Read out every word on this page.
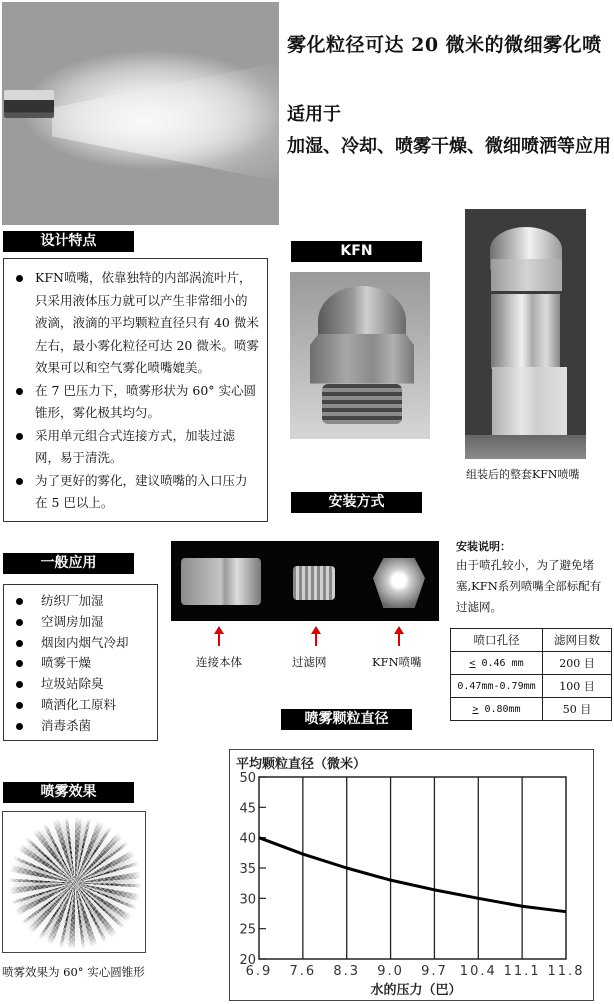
雾化粒径可达 20 微米的微细雾化喷
适用于
加湿、冷却、喷雾干燥、微细喷洒等应用
设计特点
KFN喷嘴，依靠独特的内部涡流叶片，只采用液体压力就可以产生非常细小的液滴，液滴的平均颗粒直径只有 40 微米左右，最小雾化粒径可达 20 微米。喷雾效果可以和空气雾化喷嘴媲美。
在 7 巴压力下，喷雾形状为 60° 实心圆锥形，雾化极其均匀。
采用单元组合式连接方式，加装过滤网，易于清洗。
为了更好的雾化，建议喷嘴的入口压力在 5 巴以上。
KFN
组装后的整套KFN喷嘴
安装方式
连接本体	过滤网	KFN喷嘴
安装说明：
由于喷孔较小，为了避免堵塞,KFN系列喷嘴全部标配有过滤网。
喷口孔径	滤网目数
≤ 0.46 mm	200 目
0.47mm-0.79mm	100 目
≥ 0.80mm	50 目
一般应用
纺织厂加湿
空调房加湿
烟囱内烟气冷却
喷雾干燥
垃圾站除臭
喷洒化工原料
消毒杀菌	喷雾颗粒直径
喷雾效果
喷雾效果为 60° 实心圆锥形
平均颗粒直径（微米）
6.9 7.6 8.3 9.0 9.7 10.4 11.1 11.8
20
25
30
35
40
45
50
水的压力（巴）
